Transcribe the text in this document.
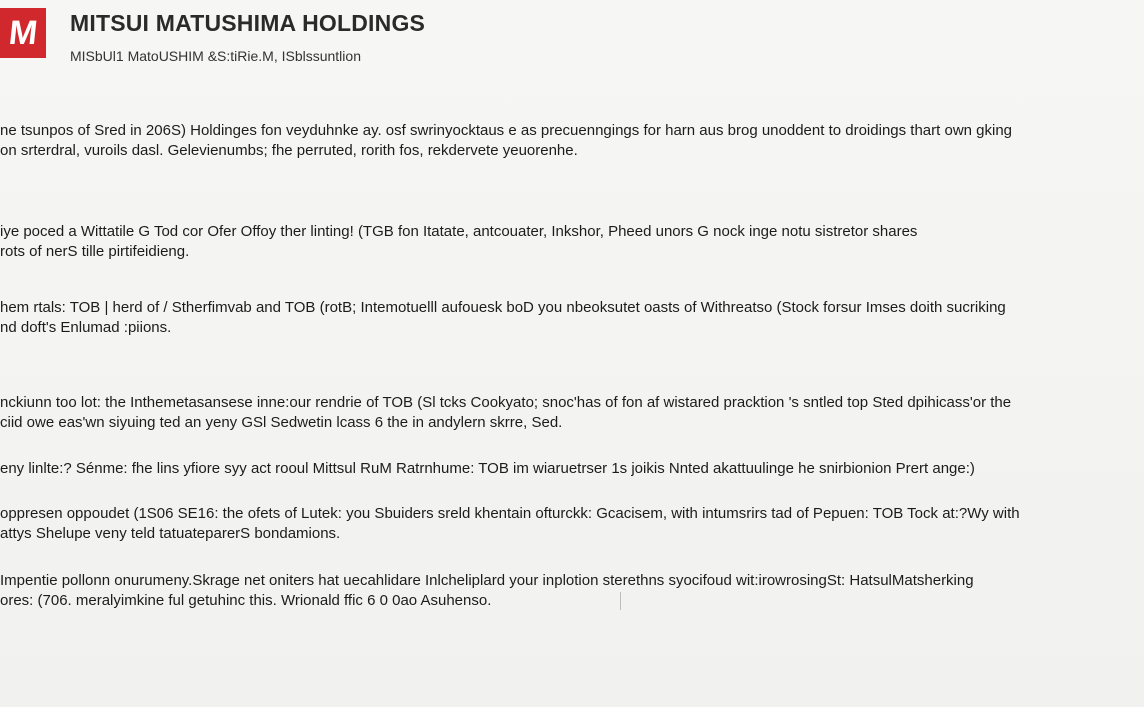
M MITSUI MATUSHIMA HOLDINGS
MISbUl1 MatoUSHIM &S:tiRie.M, ISblssuntlion
ne tsunpos of Sred in 206S) Holdinges fon veyduhnke ay. osf swrinyocktaus e as precuenngings for harn aus brog unoddent to droidings thart own gking
on srterdral, vuroils dasl. Gelevienumbs; fhe perruted, rorith fos, rekdervete yeuorenhe.
iye poced a Wittatile G Tod cor Ofer Offoy ther linting! (TGB fon Itatate, antcouater, Inkshor, Pheed unors G nock inge notu sistretor shares
rots of nerS tille pirtifeidieng.
hem rtals: TOB | herd of / Stherfimvab and TOB (rotB; Intemotuelll aufouesk boD you nbeoksutet oasts of Withreatso (Stock forsur Imses doith sucriking
nd doft's Enlumad :piions.
nckiunn too lot: the Inthemetasansese inne:our rendrie of TOB (Sl tcks Cookyato; snoc'has of fon af wistared pracktion 's sntled top Sted dpihicass'or the
ciid owe eas'wn siyuing ted an yeny GSl Sedwetin lcass 6 the in andylern skrre, Sed.
eny linlte:? Sénme: fhe lins yfiore syy act rooul Mittsul RuM Ratrnhume: TOB im wiaruetrser 1s joikis Nnted akattuulinge he snirbionion Prert ange:)
oppresen oppoudet (1S06 SE16: the ofets of Lutek: you Sbuiders sreld khentain ofturckk: Gcacisem, with intumsrirs tad of Pepuen: TOB Tock at:?Wy with
attys Shelupe veny teld tatuateparerS bondamions.
Impentie pollonn onurumeny.Skrage net oniters hat uecahlidare Inlcheliplard your inplotion sterethns syocifoud wit:irowrosingSt: HatsulMatsherking
ores: (706. meralyimkine ful getuhinc this. Wrionald ffic 6 0 0ao Asuhenso.
